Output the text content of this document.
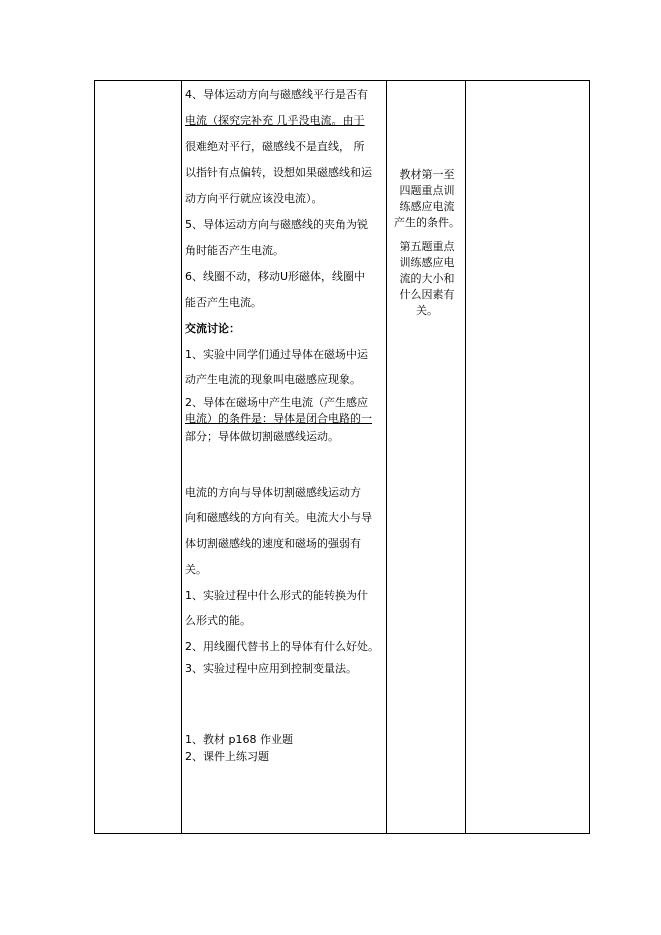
4、导体运动方向与磁感线平行是否有
电流（探究完补充 几乎没电流。由于
很难绝对平行，磁感线不是直线， 所
以指针有点偏转，设想如果磁感线和运
动方向平行就应该没电流）。
5、导体运动方向与磁感线的夹角为锐
角时能否产生电流。
6、线圈不动，移动U形磁体，线圈中
能否产生电流。
交流讨论：
1、实验中同学们通过导体在磁场中运
动产生电流的现象叫电磁感应现象。
2、导体在磁场中产生电流（产生感应
电流）的条件是：导体是闭合电路的一
部分；导体做切割磁感线运动。
电流的方向与导体切割磁感线运动方
向和磁感线的方向有关。电流大小与导
体切割磁感线的速度和磁场的强弱有
关。
1、实验过程中什么形式的能转换为什
么形式的能。
2、用线圈代替书上的导体有什么好处。
3、实验过程中应用到控制变量法。
1、教材 p168 作业题
2、课件上练习题
教材第一至
四题重点训
练感应电流
产生的条件。
第五题重点
训练感应电
流的大小和
什么因素有
关。
